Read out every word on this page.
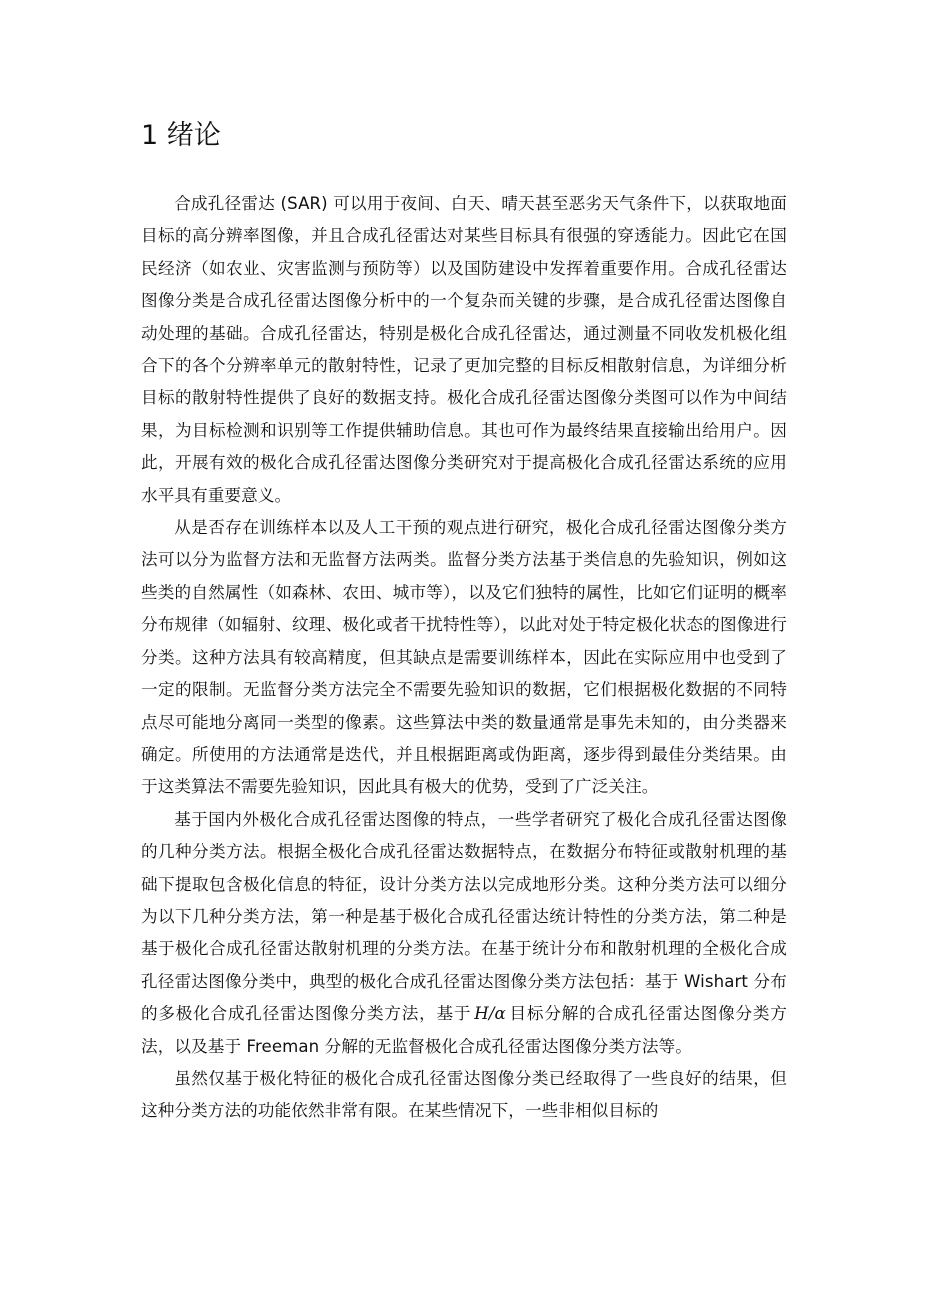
1 绪论

合成孔径雷达 (SAR) 可以用于夜间、白天、晴天甚至恶劣天气条件下，以获取地面目标的高分辨率图像，并且合成孔径雷达对某些目标具有很强的穿透能力。因此它在国民经济（如农业、灾害监测与预防等）以及国防建设中发挥着重要作用。合成孔径雷达图像分类是合成孔径雷达图像分析中的一个复杂而关键的步骤，是合成孔径雷达图像自动处理的基础。合成孔径雷达，特别是极化合成孔径雷达，通过测量不同收发机极化组合下的各个分辨率单元的散射特性，记录了更加完整的目标反相散射信息，为详细分析目标的散射特性提供了良好的数据支持。极化合成孔径雷达图像分类图可以作为中间结果，为目标检测和识别等工作提供辅助信息。其也可作为最终结果直接输出给用户。因此，开展有效的极化合成孔径雷达图像分类研究对于提高极化合成孔径雷达系统的应用水平具有重要意义。

从是否存在训练样本以及人工干预的观点进行研究，极化合成孔径雷达图像分类方法可以分为监督方法和无监督方法两类。监督分类方法基于类信息的先验知识，例如这些类的自然属性（如森林、农田、城市等），以及它们独特的属性，比如它们证明的概率分布规律（如辐射、纹理、极化或者干扰特性等），以此对处于特定极化状态的图像进行分类。这种方法具有较高精度，但其缺点是需要训练样本，因此在实际应用中也受到了一定的限制。无监督分类方法完全不需要先验知识的数据，它们根据极化数据的不同特点尽可能地分离同一类型的像素。这些算法中类的数量通常是事先未知的，由分类器来确定。所使用的方法通常是迭代，并且根据距离或伪距离，逐步得到最佳分类结果。由于这类算法不需要先验知识，因此具有极大的优势，受到了广泛关注。

基于国内外极化合成孔径雷达图像的特点，一些学者研究了极化合成孔径雷达图像的几种分类方法。根据全极化合成孔径雷达数据特点，在数据分布特征或散射机理的基础下提取包含极化信息的特征，设计分类方法以完成地形分类。这种分类方法可以细分为以下几种分类方法，第一种是基于极化合成孔径雷达统计特性的分类方法，第二种是基于极化合成孔径雷达散射机理的分类方法。在基于统计分布和散射机理的全极化合成孔径雷达图像分类中，典型的极化合成孔径雷达图像分类方法包括：基于 Wishart 分布的多极化合成孔径雷达图像分类方法，基于 H/α 目标分解的合成孔径雷达图像分类方法，以及基于 Freeman 分解的无监督极化合成孔径雷达图像分类方法等。

虽然仅基于极化特征的极化合成孔径雷达图像分类已经取得了一些良好的结果，但这种分类方法的功能依然非常有限。在某些情况下，一些非相似目标的
